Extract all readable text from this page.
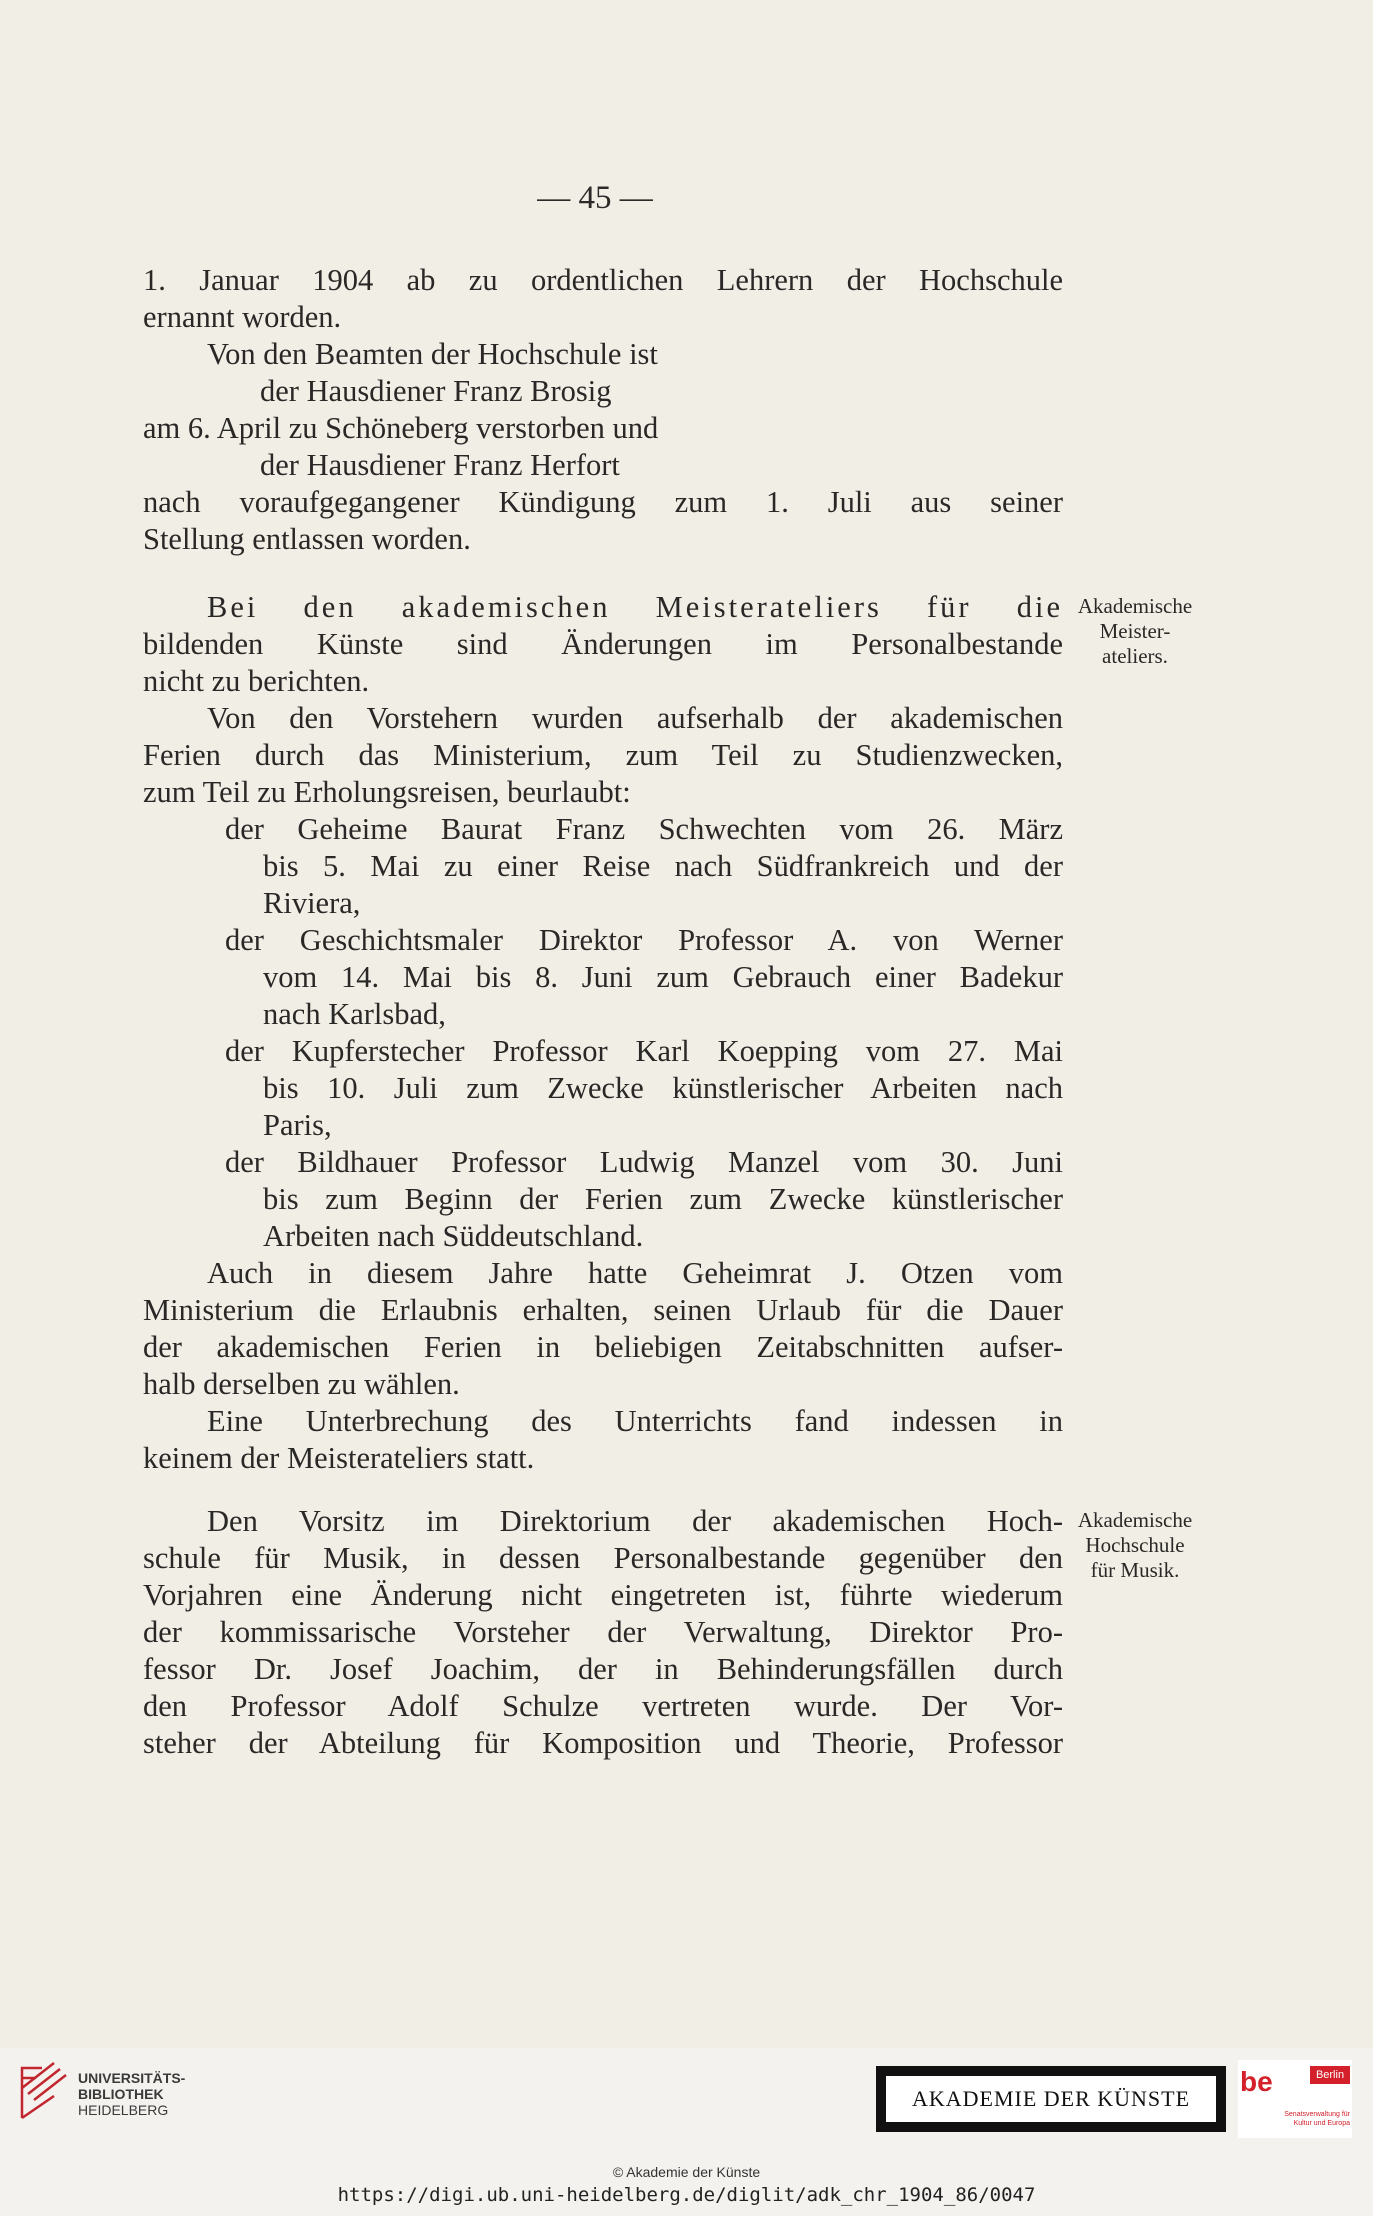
— 45 —
1. Januar 1904 ab zu ordentlichen Lehrern der Hochschule
ernannt worden.
Von den Beamten der Hochschule ist
der Hausdiener Franz Brosig
am 6. April zu Schöneberg verstorben und
der Hausdiener Franz Herfort
nach voraufgegangener Kündigung zum 1. Juli aus seiner
Stellung entlassen worden.
Bei den akademischen Meisterateliers für die
bildenden Künste sind Änderungen im Personalbestande
nicht zu berichten.
Von den Vorstehern wurden aufserhalb der akademischen
Ferien durch das Ministerium, zum Teil zu Studienzwecken,
zum Teil zu Erholungsreisen, beurlaubt:
der Geheime Baurat Franz Schwechten vom 26. März
bis 5. Mai zu einer Reise nach Südfrankreich und der
Riviera,
der Geschichtsmaler Direktor Professor A. von Werner
vom 14. Mai bis 8. Juni zum Gebrauch einer Badekur
nach Karlsbad,
der Kupferstecher Professor Karl Koepping vom 27. Mai
bis 10. Juli zum Zwecke künstlerischer Arbeiten nach
Paris,
der Bildhauer Professor Ludwig Manzel vom 30. Juni
bis zum Beginn der Ferien zum Zwecke künstlerischer
Arbeiten nach Süddeutschland.
Auch in diesem Jahre hatte Geheimrat J. Otzen vom
Ministerium die Erlaubnis erhalten, seinen Urlaub für die Dauer
der akademischen Ferien in beliebigen Zeitabschnitten aufser-
halb derselben zu wählen.
Eine Unterbrechung des Unterrichts fand indessen in
keinem der Meisterateliers statt.
Den Vorsitz im Direktorium der akademischen Hoch-
schule für Musik, in dessen Personalbestande gegenüber den
Vorjahren eine Änderung nicht eingetreten ist, führte wiederum
der kommissarische Vorsteher der Verwaltung, Direktor Pro-
fessor Dr. Josef Joachim, der in Behinderungsfällen durch
den Professor Adolf Schulze vertreten wurde. Der Vor-
steher der Abteilung für Komposition und Theorie, Professor
Akademische
Meister-
ateliers.
Akademische
Hochschule
für Musik.
UNIVERSITÄTS-
BIBLIOTHEK
HEIDELBERG	AKADEMIE DER KÜNSTE
be	Berlin
Senatsverwaltung für Kultur und Europa
© Akademie der Künste
https://digi.ub.uni-heidelberg.de/diglit/adk_chr_1904_86/0047
